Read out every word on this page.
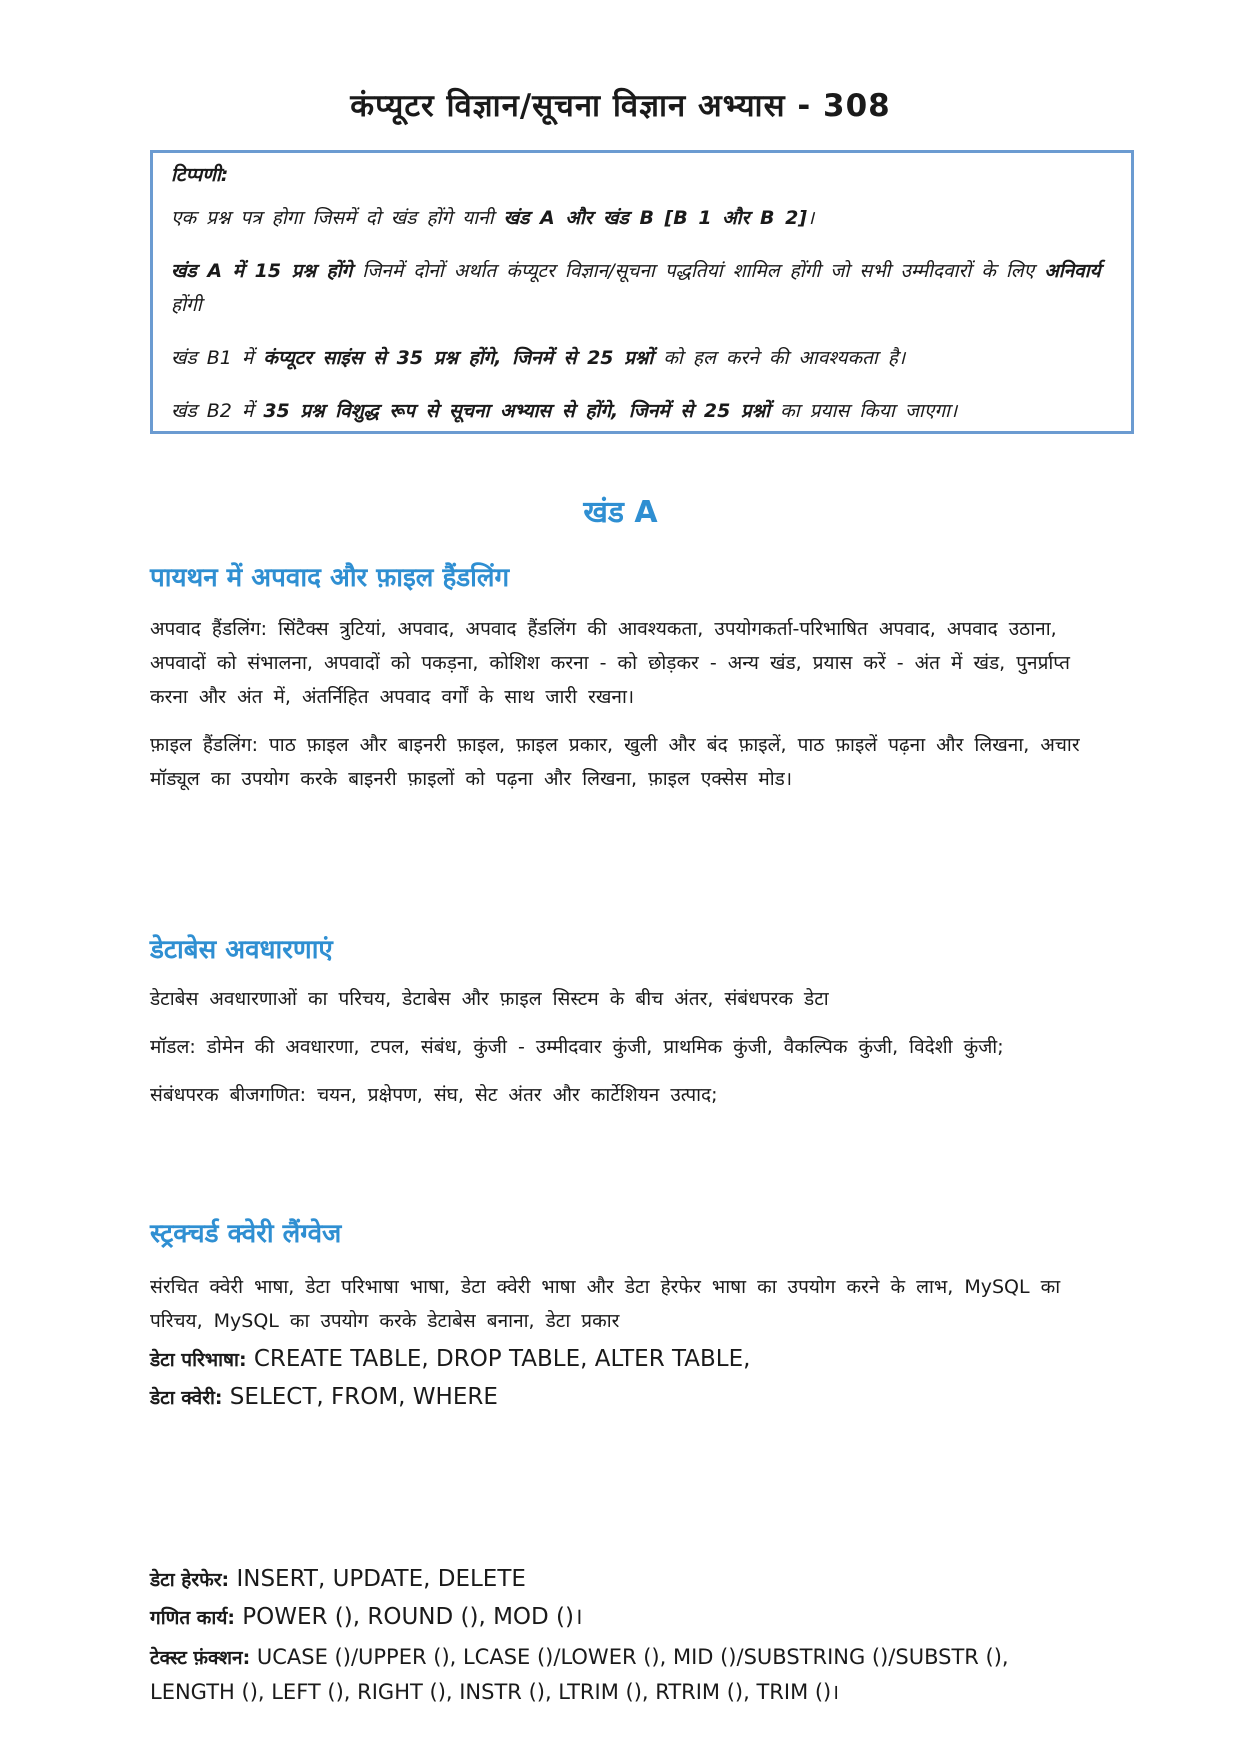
कंप्यूटर विज्ञान/सूचना विज्ञान अभ्यास - 308
टिप्पणी:

एक प्रश्न पत्र होगा जिसमें दो खंड होंगे यानी खंड A और खंड B [B 1 और B 2]।

खंड A में 15 प्रश्न होंगे जिनमें दोनों अर्थात कंप्यूटर विज्ञान/सूचना पद्धतियां शामिल होंगी जो सभी उम्मीदवारों के लिए अनिवार्य होंगी

खंड B1 में कंप्यूटर साइंस से 35 प्रश्न होंगे, जिनमें से 25 प्रश्नों को हल करने की आवश्यकता है।

खंड B2 में 35 प्रश्न विशुद्ध रूप से सूचना अभ्यास से होंगे, जिनमें से 25 प्रश्नों का प्रयास किया जाएगा।

खंड A
पायथन में अपवाद और फ़ाइल हैंडलिंग

अपवाद हैंडलिंग: सिंटैक्स त्रुटियां, अपवाद, अपवाद हैंडलिंग की आवश्यकता, उपयोगकर्ता-परिभाषित अपवाद, अपवाद उठाना, अपवादों को संभालना, अपवादों को पकड़ना, कोशिश करना - को छोड़कर - अन्य खंड, प्रयास करें - अंत में खंड, पुनर्प्राप्त करना और अंत में, अंतर्निहित अपवाद वर्गों के साथ जारी रखना।

फ़ाइल हैंडलिंग: पाठ फ़ाइल और बाइनरी फ़ाइल, फ़ाइल प्रकार, खुली और बंद फ़ाइलें, पाठ फ़ाइलें पढ़ना और लिखना, अचार मॉड्यूल का उपयोग करके बाइनरी फ़ाइलों को पढ़ना और लिखना, फ़ाइल एक्सेस मोड।

डेटाबेस अवधारणाएं

डेटाबेस अवधारणाओं का परिचय, डेटाबेस और फ़ाइल सिस्टम के बीच अंतर, संबंधपरक डेटा

मॉडल: डोमेन की अवधारणा, टपल, संबंध, कुंजी - उम्मीदवार कुंजी, प्राथमिक कुंजी, वैकल्पिक कुंजी, विदेशी कुंजी;

संबंधपरक बीजगणित: चयन, प्रक्षेपण, संघ, सेट अंतर और कार्टेशियन उत्पाद;

स्ट्रक्चर्ड क्वेरी लैंग्वेज

संरचित क्वेरी भाषा, डेटा परिभाषा भाषा, डेटा क्वेरी भाषा और डेटा हेरफेर भाषा का उपयोग करने के लाभ, MySQL का परिचय, MySQL का उपयोग करके डेटाबेस बनाना, डेटा प्रकार

डेटा परिभाषा: CREATE TABLE, DROP TABLE, ALTER TABLE,
डेटा क्वेरी: SELECT, FROM, WHERE
डेटा हेरफेर: INSERT, UPDATE, DELETE
गणित कार्य: POWER (), ROUND (), MOD ()।
टेक्स्ट फ़ंक्शन: UCASE ()/UPPER (), LCASE ()/LOWER (), MID ()/SUBSTRING ()/SUBSTR (), LENGTH (), LEFT (), RIGHT (), INSTR (), LTRIM (), RTRIM (), TRIM ()।
